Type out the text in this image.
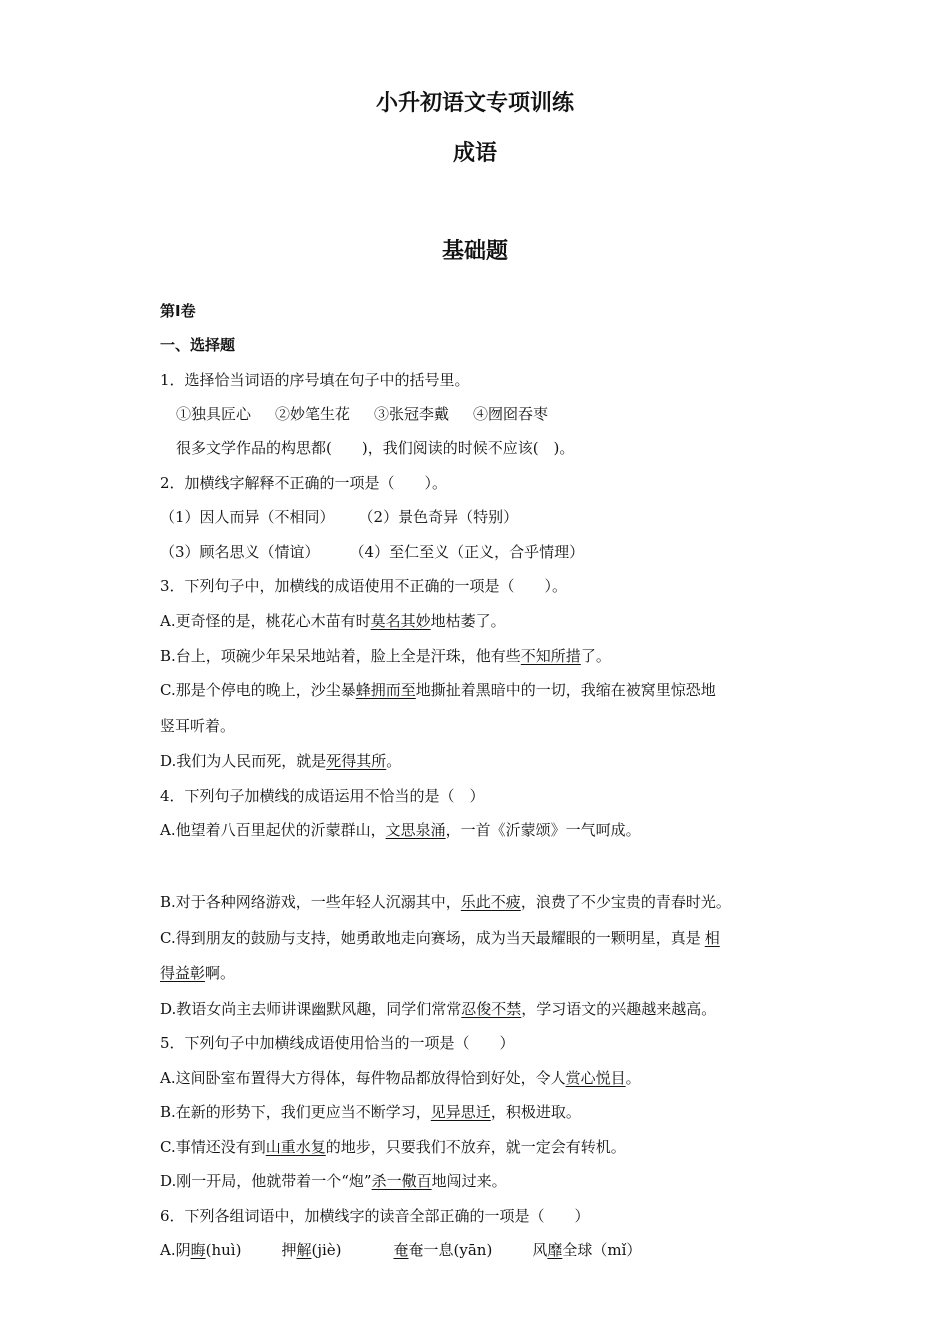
小升初语文专项训练
成语
基础题
第Ⅰ卷
一、选择题
1．选择恰当词语的序号填在句子中的括号里。
①独具匠心 ②妙笔生花 ③张冠李戴 ④囫囵吞枣
很多文学作品的构思都(　　)，我们阅读的时候不应该(　)。
2．加横线字解释不正确的一项是（　　）。
（1）因人而异（不相同） （2）景色奇异（特别）
（3）顾名思义（情谊） （4）至仁至义（正义，合乎情理）
3．下列句子中，加横线的成语使用不正确的一项是（　　）。
A.更奇怪的是，桃花心木苗有时莫名其妙地枯萎了。
B.台上，项碗少年呆呆地站着，脸上全是汗珠，他有些不知所措了。
C.那是个停电的晚上，沙尘暴蜂拥而至地撕扯着黑暗中的一切，我缩在被窝里惊恐地
竖耳听着。
D.我们为人民而死，就是死得其所。
4．下列句子加横线的成语运用不恰当的是（　）
A.他望着八百里起伏的沂蒙群山，文思泉涌，一首《沂蒙颂》一气呵成。
B.对于各种网络游戏，一些年轻人沉溺其中，乐此不疲，浪费了不少宝贵的青春时光。
C.得到朋友的鼓励与支持，她勇敢地走向赛场，成为当天最耀眼的一颗明星，真是 相
得益彰啊。
D.教语女尚主去师讲课幽默风趣，同学们常常忍俊不禁，学习语文的兴趣越来越高。
5．下列句子中加横线成语使用恰当的一项是（　　）
A.这间卧室布置得大方得体，每件物品都放得恰到好处，令人赏心悦目。
B.在新的形势下，我们更应当不断学习，见异思迁，积极进取。
C.事情还没有到山重水复的地步，只要我们不放弃，就一定会有转机。
D.刚一开局，他就带着一个“炮”杀一儆百地闯过来。
6．下列各组词语中，加横线字的读音全部正确的一项是（　　）
A.阴晦(huì)	押解(jiè)	奄奄一息(yān)	风靡全球（mǐ）
